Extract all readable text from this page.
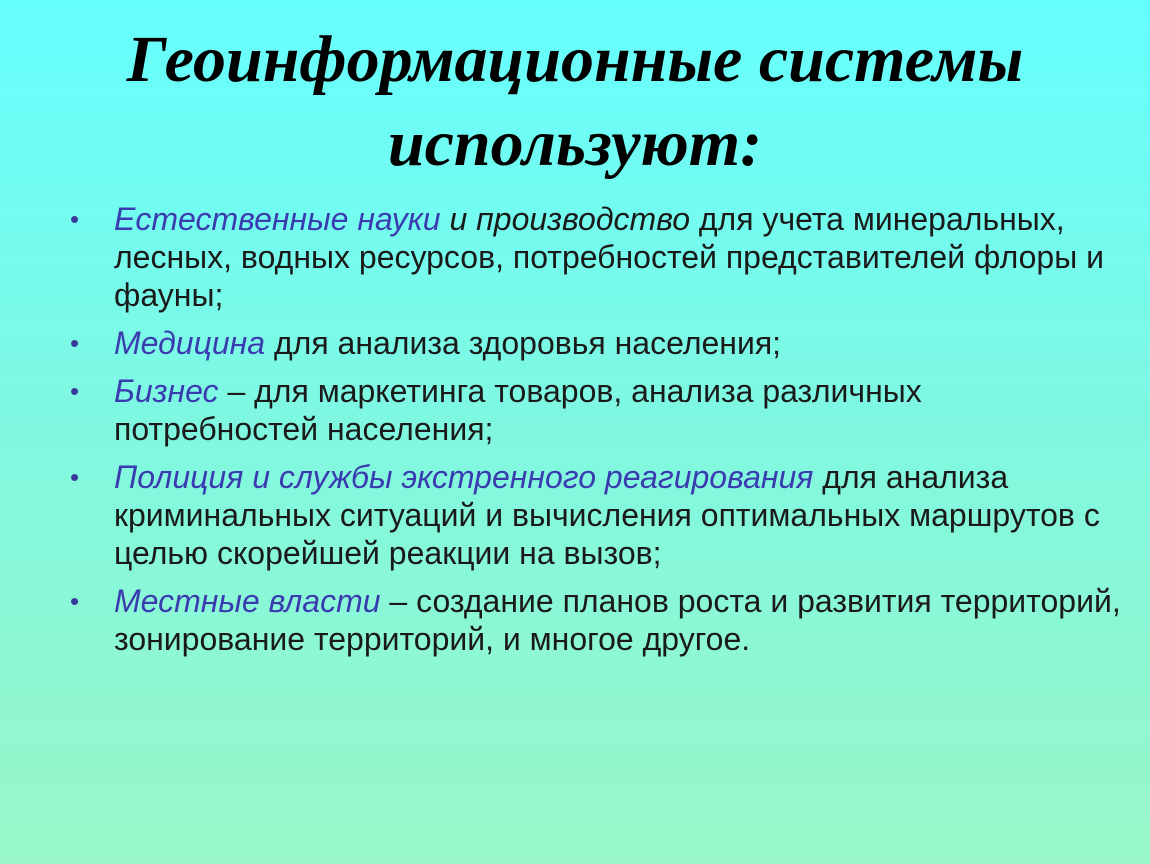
Геоинформационные системы
используют:
• Естественные науки и производство для учета минеральных, лесных, водных ресурсов, потребностей представителей флоры и фауны;
• Медицина для анализа здоровья населения;
• Бизнес – для маркетинга товаров, анализа различных потребностей населения;
• Полиция и службы экстренного реагирования для анализа криминальных ситуаций и вычисления оптимальных маршрутов с целью скорейшей реакции на вызов;
• Местные власти – создание планов роста и развития территорий, зонирование территорий, и многое другое.
